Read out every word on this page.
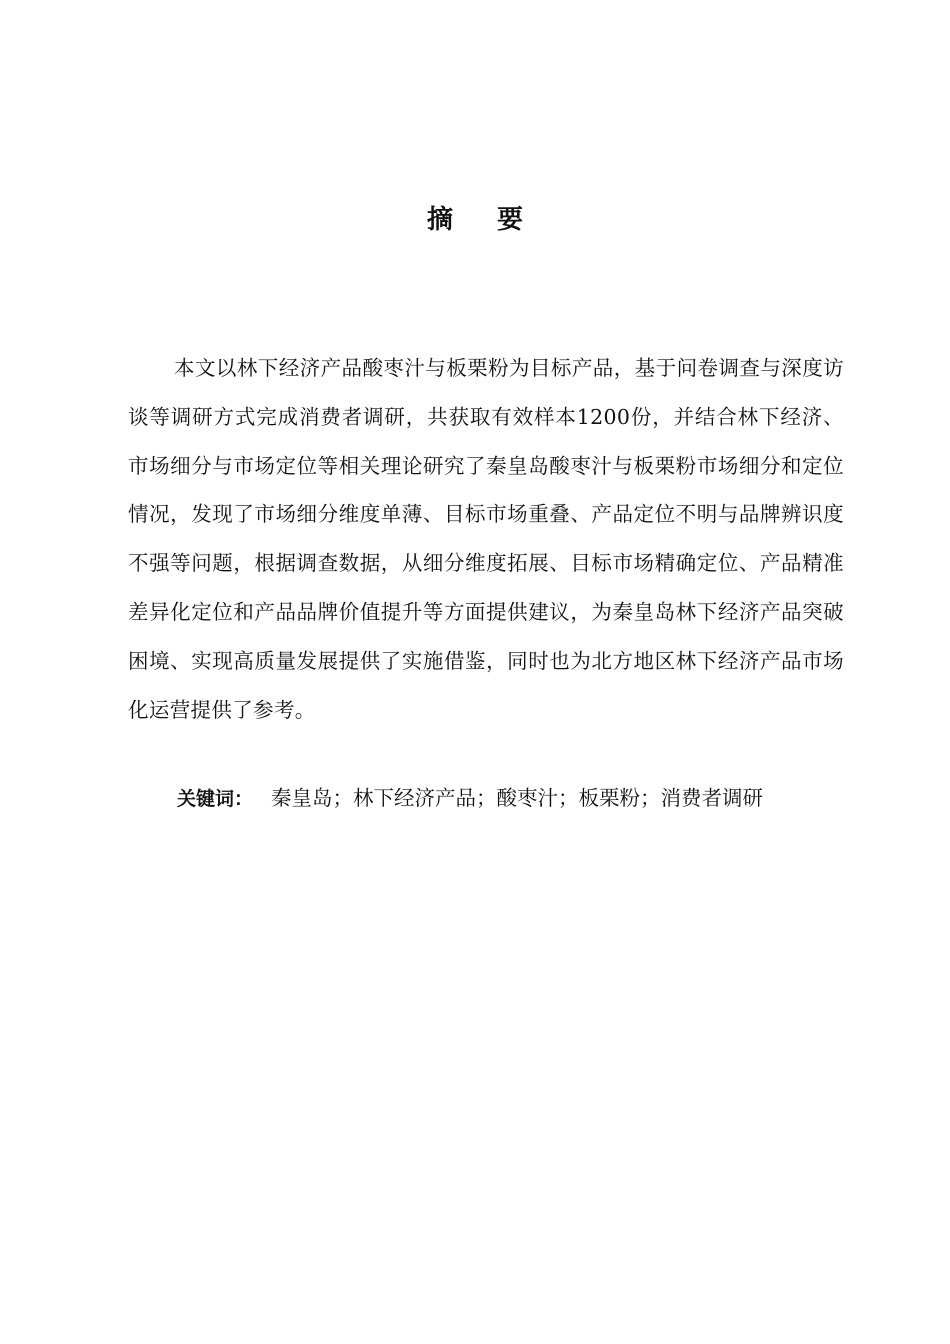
摘 要

本文以林下经济产品酸枣汁与板栗粉为目标产品，基于问卷调查与深度访谈等调研方式完成消费者调研，共获取有效样本1200份，并结合林下经济、市场细分与市场定位等相关理论研究了秦皇岛酸枣汁与板栗粉市场细分和定位情况，发现了市场细分维度单薄、目标市场重叠、产品定位不明与品牌辨识度不强等问题，根据调查数据，从细分维度拓展、目标市场精确定位、产品精准差异化定位和产品品牌价值提升等方面提供建议，为秦皇岛林下经济产品突破困境、实现高质量发展提供了实施借鉴，同时也为北方地区林下经济产品市场化运营提供了参考。

关键词： 秦皇岛；林下经济产品；酸枣汁；板栗粉；消费者调研
